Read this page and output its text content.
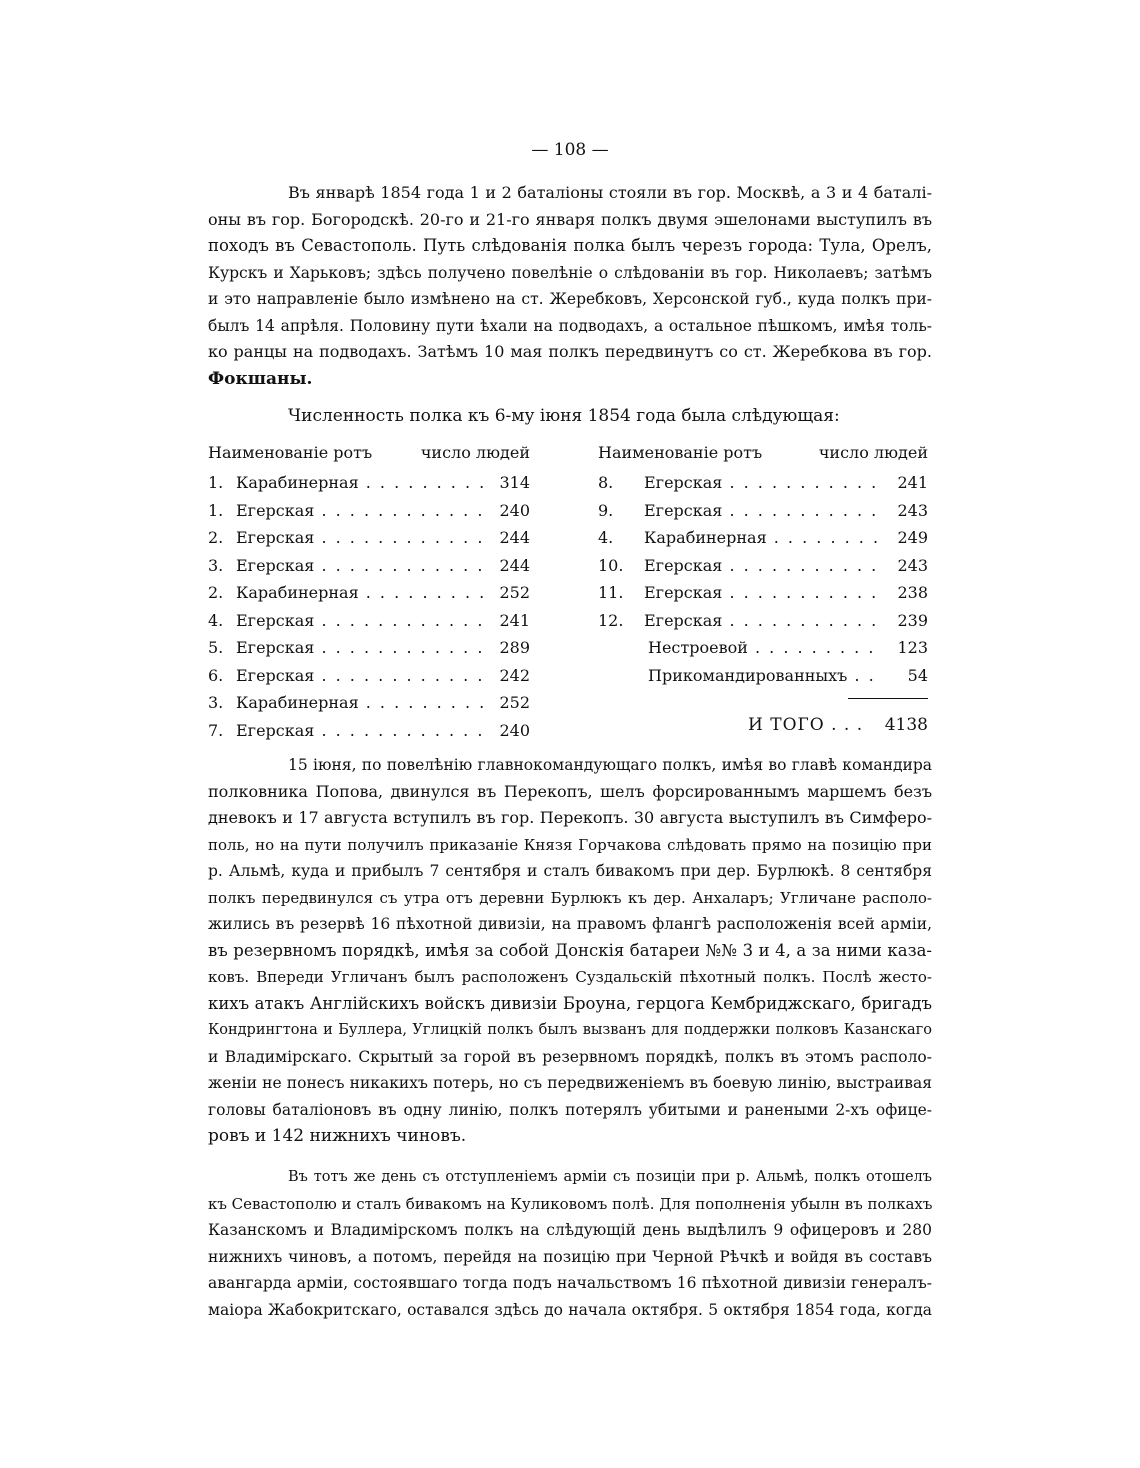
— 108 —
Въ январѣ 1854 года 1 и 2 баталіоны стояли въ гор. Москвѣ, а 3 и 4 баталі-
оны въ гор. Богородскѣ. 20-го и 21-го января полкъ двумя эшелонами выступилъ въ
походъ въ Севастополь. Путь слѣдованія полка былъ черезъ города: Тула, Орелъ,
Курскъ и Харьковъ; здѣсь получено повелѣніе о слѣдованіи въ гор. Николаевъ; затѣмъ
и это направленіе было измѣнено на ст. Жеребковъ, Херсонской губ., куда полкъ при-
былъ 14 апрѣля. Половину пути ѣхали на подводахъ, а остальное пѣшкомъ, имѣя толь-
ко ранцы на подводахъ. Затѣмъ 10 мая полкъ передвинутъ со ст. Жеребкова въ гор.
Фокшаны.
Численность полка къ 6-му іюня 1854 года была слѣдующая:
Наименованіе ротъ	число людей
1. Карабинерная . . .	314
1. Егерская . . .	240
2. Егерская . . .	244
3. Егерская . . .	244
2. Карабинерная . . .	252
4. Егерская . . .	241
5. Егерская . . .	289
6. Егерская . . .	242
3. Карабинерная . . .	252
7. Егерская . . .	240
Наименованіе ротъ	число людей
8.	Егерская . . .	241
9.	Егерская . . .	243
4.	Карабинерная . . .	249
10.	Егерская . . .	243
11.	Егерская . . .	238
12.	Егерская . . .	239
Нестроевой . . .	123
Прикомандированныхъ . . .	54
И ТОГО . . . 4138
15 іюня, по повелѣнію главнокомандующаго полкъ, имѣя во главѣ командира
полковника Попова, двинулся въ Перекопъ, шелъ форсированнымъ маршемъ безъ
дневокъ и 17 августа вступилъ въ гор. Перекопъ. 30 августа выступилъ въ Симферо-
поль, но на пути получилъ приказаніе Князя Горчакова слѣдовать прямо на позицію при
р. Альмѣ, куда и прибылъ 7 сентября и сталъ бивакомъ при дер. Бурлюкѣ. 8 сентября
полкъ передвинулся съ утра отъ деревни Бурлюкъ къ дер. Анхаларъ; Угличане располо-
жились въ резервѣ 16 пѣхотной дивизіи, на правомъ флангѣ расположенія всей арміи,
въ резервномъ порядкѣ, имѣя за собой Донскія батареи №№ 3 и 4, а за ними каза-
ковъ. Впереди Угличанъ былъ расположенъ Суздальскій пѣхотный полкъ. Послѣ жесто-
кихъ атакъ Англійскихъ войскъ дивизіи Броуна, герцога Кембриджскаго, бригадъ
Кондрингтона и Буллера, Углицкій полкъ былъ вызванъ для поддержки полковъ Казанскаго
и Владимірскаго. Скрытый за горой въ резервномъ порядкѣ, полкъ въ этомъ располо-
женіи не понесъ никакихъ потерь, но съ передвиженіемъ въ боевую линію, выстраивая
головы баталіоновъ въ одну линію, полкъ потерялъ убитыми и ранеными 2-хъ офице-
ровъ и 142 нижнихъ чиновъ.
Въ тотъ же день съ отступленіемъ арміи съ позиціи при р. Альмѣ, полкъ отошелъ
къ Севастополю и сталъ бивакомъ на Куликовомъ полѣ. Для пополненія убылн въ полкахъ
Казанскомъ и Владимірскомъ полкъ на слѣдующій день выдѣлилъ 9 офицеровъ и 280
нижнихъ чиновъ, а потомъ, перейдя на позицію при Черной Рѣчкѣ и войдя въ составъ
авангарда арміи, состоявшаго тогда подъ начальствомъ 16 пѣхотной дивизіи генералъ-
маіора Жабокритскаго, оставался здѣсь до начала октября. 5 октября 1854 года, когда
